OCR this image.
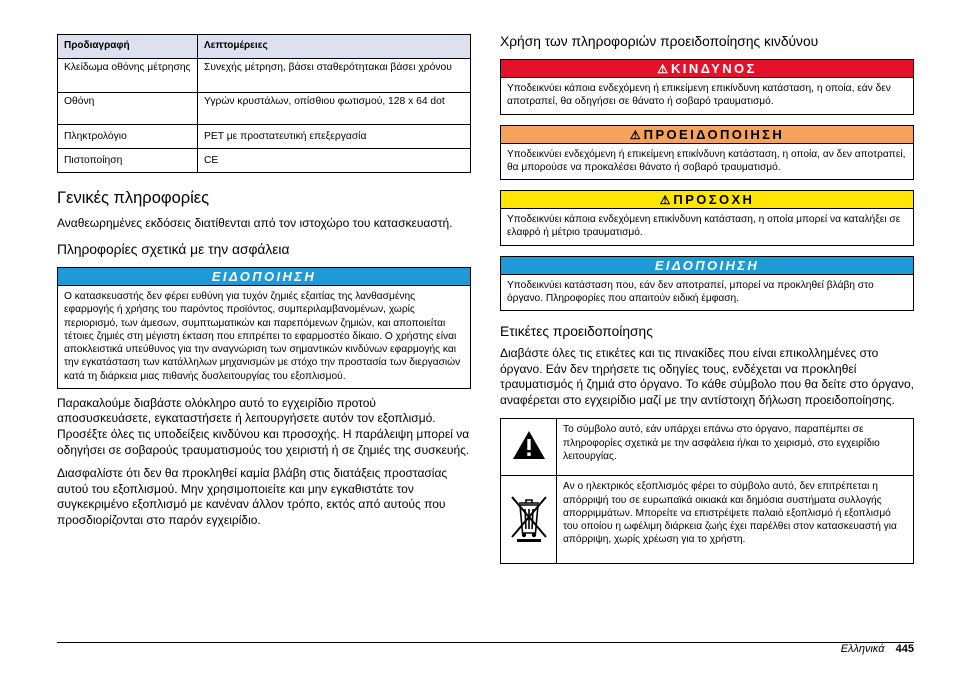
Προδιαγραφή	Λεπτομέρειες
Κλείδωμα οθόνης μέτρησης	Συνεχής μέτρηση, βάσει σταθερότητακαι βάσει χρόνου
Οθόνη	Υγρών κρυστάλων, οπίσθιου φωτισμού, 128 x 64 dot
Πληκτρολόγιο	PET με προστατευτική επεξεργασία
Πιστοποίηση	CE
Γενικές πληροφορίες

Αναθεωρημένες εκδόσεις διατίθενται από τον ιστοχώρο του κατασκευαστή.

Πληροφορίες σχετικά με την ασφάλεια
ΕΙΔΟΠΟΙΗΣΗ
Ο κατασκευαστής δεν φέρει ευθύνη για τυχόν ζημιές εξαιτίας της λανθασμένης εφαρμογής ή χρήσης του παρόντος προϊόντος, συμπεριλαμβανομένων, χωρίς περιορισμό, των άμεσων, συμπτωματικών και παρεπόμενων ζημιών, και αποποιείται τέτοιες ζημιές στη μέγιστη έκταση που επιτρέπει το εφαρμοστέο δίκαιο. Ο χρήστης είναι αποκλειστικά υπεύθυνος για την αναγνώριση των σημαντικών κινδύνων εφαρμογής και την εγκατάσταση των κατάλληλων μηχανισμών με στόχο την προστασία των διεργασιών κατά τη διάρκεια μιας πιθανής δυσλειτουργίας του εξοπλισμού.

Παρακαλούμε διαβάστε ολόκληρο αυτό το εγχειρίδιο προτού αποσυσκευάσετε, εγκαταστήσετε ή λειτουργήσετε αυτόν τον εξοπλισμό. Προσέξτε όλες τις υποδείξεις κινδύνου και προσοχής. Η παράλειψη μπορεί να οδηγήσει σε σοβαρούς τραυματισμούς του χειριστή ή σε ζημιές της συσκευής.

Διασφαλίστε ότι δεν θα προκληθεί καμία βλάβη στις διατάξεις προστασίας αυτού του εξοπλισμού. Μην χρησιμοποιείτε και μην εγκαθιστάτε τον συγκεκριμένο εξοπλισμό με κανέναν άλλον τρόπο, εκτός από αυτούς που προσδιορίζονται στο παρόν εγχειρίδιο.

Χρήση των πληροφοριών προειδοποίησης κινδύνου
⚠ ΚΙΝΔΥΝΟΣ
Υποδεικνύει κάποια ενδεχόμενη ή επικείμενη επικίνδυνη κατάσταση, η οποία, εάν δεν αποτραπεί, θα οδηγήσει σε θάνατο ή σοβαρό τραυματισμό.
⚠ ΠΡΟΕΙΔΟΠΟΙΗΣΗ
Υποδεικνύει ενδεχόμενη ή επικείμενη επικίνδυνη κατάσταση, η οποία, αν δεν αποτραπεί, θα μπορούσε να προκαλέσει θάνατο ή σοβαρό τραυματισμό.
⚠ ΠΡΟΣΟΧΗ
Υποδεικνύει κάποια ενδεχόμενη επικίνδυνη κατάσταση, η οποία μπορεί να καταλήξει σε ελαφρό ή μέτριο τραυματισμό.
ΕΙΔΟΠΟΙΗΣΗ
Υποδεικνύει κατάσταση που, εάν δεν αποτραπεί, μπορεί να προκληθεί βλάβη στο όργανο. Πληροφορίες που απαιτούν ειδική έμφαση.
Ετικέτες προειδοποίησης

Διαβάστε όλες τις ετικέτες και τις πινακίδες που είναι επικολλημένες στο όργανο. Εάν δεν τηρήσετε τις οδηγίες τους, ενδέχεται να προκληθεί τραυματισμός ή ζημιά στο όργανο. Το κάθε σύμβολο που θα δείτε στο όργανο, αναφέρεται στο εγχειρίδιο μαζί με την αντίστοιχη δήλωση προειδοποίησης.

	Το σύμβολο αυτό, εάν υπάρχει επάνω στο όργανο, παραπέμπει σε πληροφορίες σχετικά με την ασφάλεια ή/και το χειρισμό, στο εγχειρίδιο λειτουργίας.
	Αν ο ηλεκτρικός εξοπλισμός φέρει το σύμβολο αυτό, δεν επιτρέπεται η απόρριψή του σε ευρωπαϊκά οικιακά και δημόσια συστήματα συλλογής απορριμμάτων. Μπορείτε να επιστρέψετε παλαιό εξοπλισμό ή εξοπλισμό του οποίου η ωφέλιμη διάρκεια ζωής έχει παρέλθει στον κατασκευαστή για απόρριψη, χωρίς χρέωση για το χρήστη.
Ελληνικά 445
